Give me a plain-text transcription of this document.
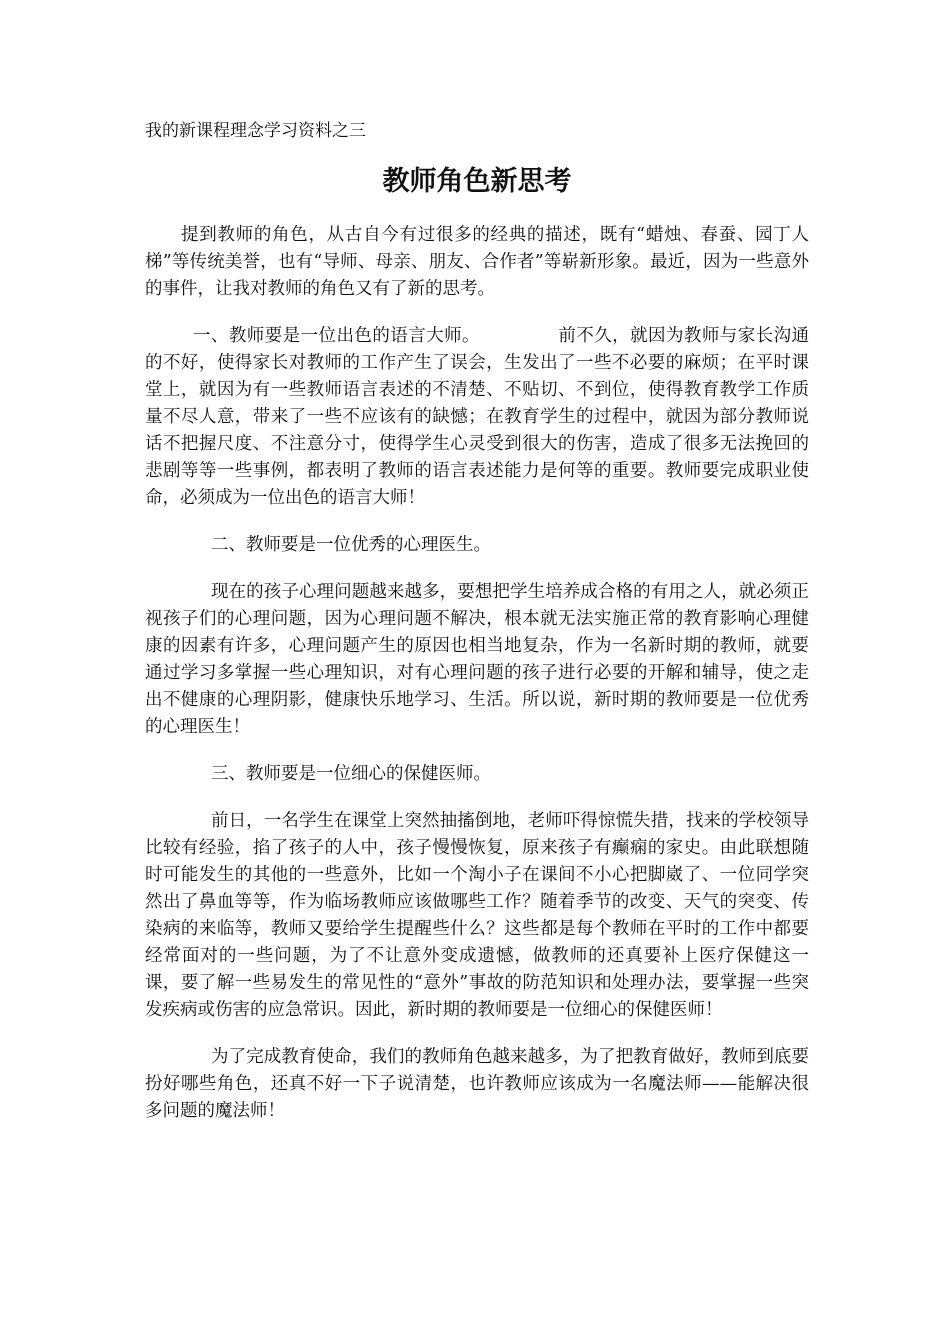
我的新课程理念学习资料之三
教师角色新思考

提到教师的角色，从古自今有过很多的经典的描述，既有“蜡烛、春蚕、园丁人梯”等传统美誉，也有“导师、母亲、朋友、合作者”等崭新形象。最近，因为一些意外的事件，让我对教师的角色又有了新的思考。

一、教师要是一位出色的语言大师。	前不久，就因为教师与家长沟通的不好，使得家长对教师的工作产生了误会，生发出了一些不必要的麻烦；在平时课堂上，就因为有一些教师语言表述的不清楚、不贴切、不到位，使得教育教学工作质量不尽人意，带来了一些不应该有的缺憾；在教育学生的过程中，就因为部分教师说话不把握尺度、不注意分寸，使得学生心灵受到很大的伤害，造成了很多无法挽回的悲剧等等一些事例，都表明了教师的语言表述能力是何等的重要。教师要完成职业使命，必须成为一位出色的语言大师！

二、教师要是一位优秀的心理医生。

现在的孩子心理问题越来越多，要想把学生培养成合格的有用之人，就必须正视孩子们的心理问题，因为心理问题不解决，根本就无法实施正常的教育影响心理健康的因素有许多，心理问题产生的原因也相当地复杂，作为一名新时期的教师，就要通过学习多掌握一些心理知识，对有心理问题的孩子进行必要的开解和辅导，使之走出不健康的心理阴影，健康快乐地学习、生活。所以说，新时期的教师要是一位优秀的心理医生！

三、教师要是一位细心的保健医师。

前日，一名学生在课堂上突然抽搐倒地，老师吓得惊慌失措，找来的学校领导比较有经验，掐了孩子的人中，孩子慢慢恢复，原来孩子有癫痫的家史。由此联想随时可能发生的其他的一些意外，比如一个淘小子在课间不小心把脚崴了、一位同学突然出了鼻血等等，作为临场教师应该做哪些工作？随着季节的改变、天气的突变、传染病的来临等，教师又要给学生提醒些什么？这些都是每个教师在平时的工作中都要经常面对的一些问题，为了不让意外变成遗憾，做教师的还真要补上医疗保健这一课，要了解一些易发生的常见性的“意外”事故的防范知识和处理办法，要掌握一些突发疾病或伤害的应急常识。因此，新时期的教师要是一位细心的保健医师！

为了完成教育使命，我们的教师角色越来越多，为了把教育做好，教师到底要扮好哪些角色，还真不好一下子说清楚，也许教师应该成为一名魔法师——能解决很多问题的魔法师！
